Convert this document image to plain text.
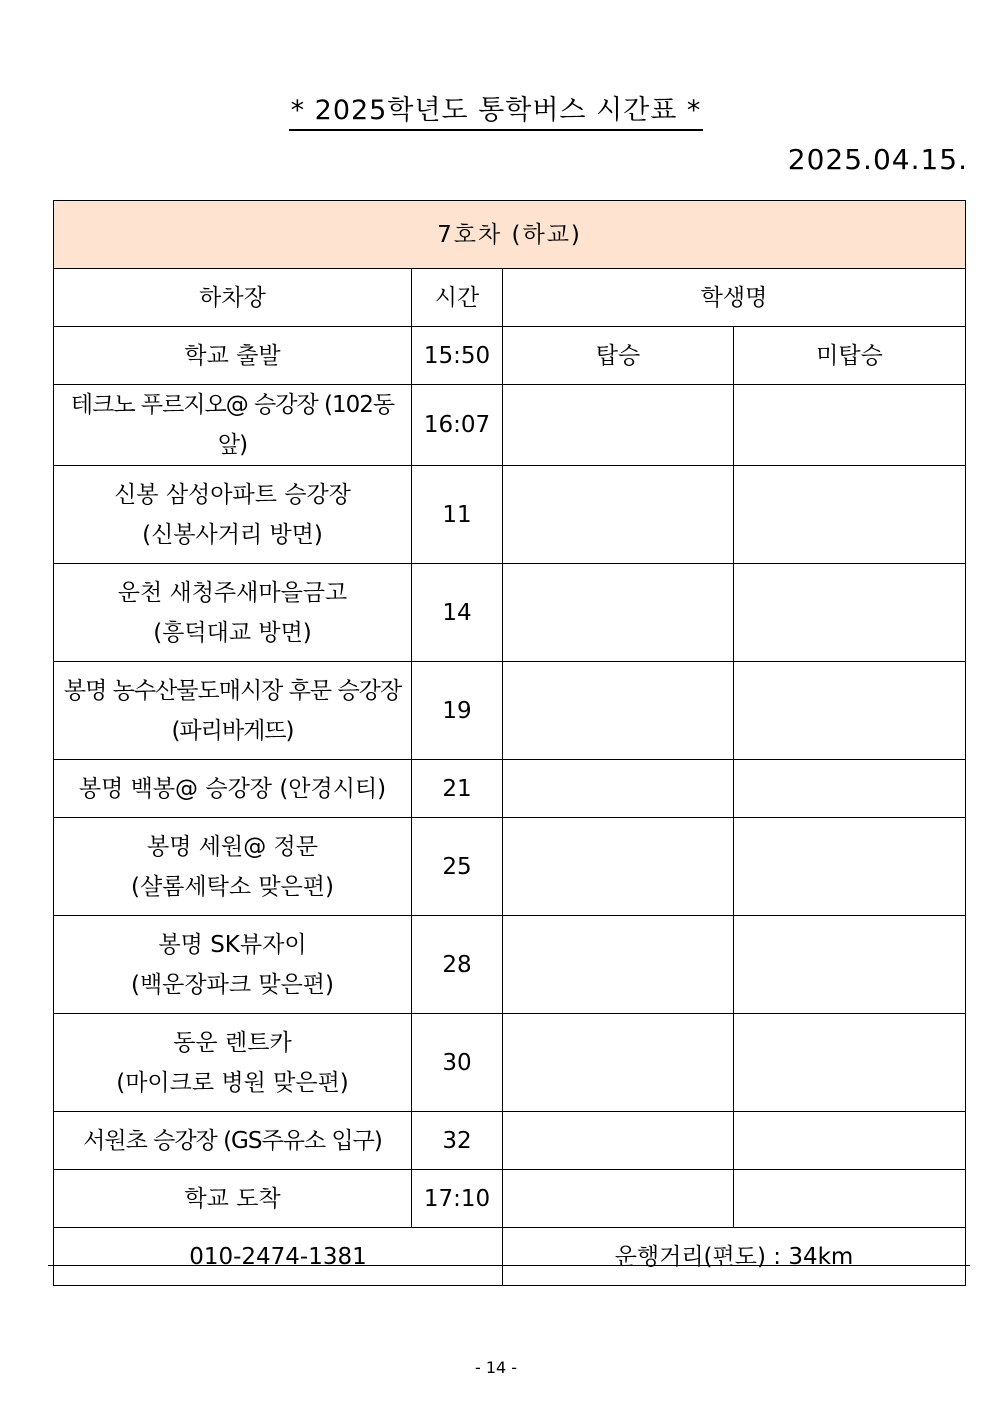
* 2025학년도 통학버스 시간표 *
2025.04.15.
7호차 (하교)			
하차장	시간	학생명	
학교 출발	15:50	탑승	미탑승

테크노 푸르지오@ 승강장 (102동 앞)	16:07		

신봉 삼성아파트 승강장
(신봉사거리 방면)	11		

운천 새청주새마을금고
(흥덕대교 방면)	14		

봉명 농수산물도매시장 후문 승강장
(파리바게뜨)	19		

봉명 백봉@ 승강장 (안경시티)	21		

봉명 세원@ 정문
(샬롬세탁소 맞은편)	25		

봉명 SK뷰자이
(백운장파크 맞은편)	28		

동운 렌트카
(마이크로 병원 맞은편)	30		

서원초 승강장 (GS주유소 입구)	32		
학교 도착	17:10		
010-2474-1381		운행거리(편도) : 34km	
- 14 -
